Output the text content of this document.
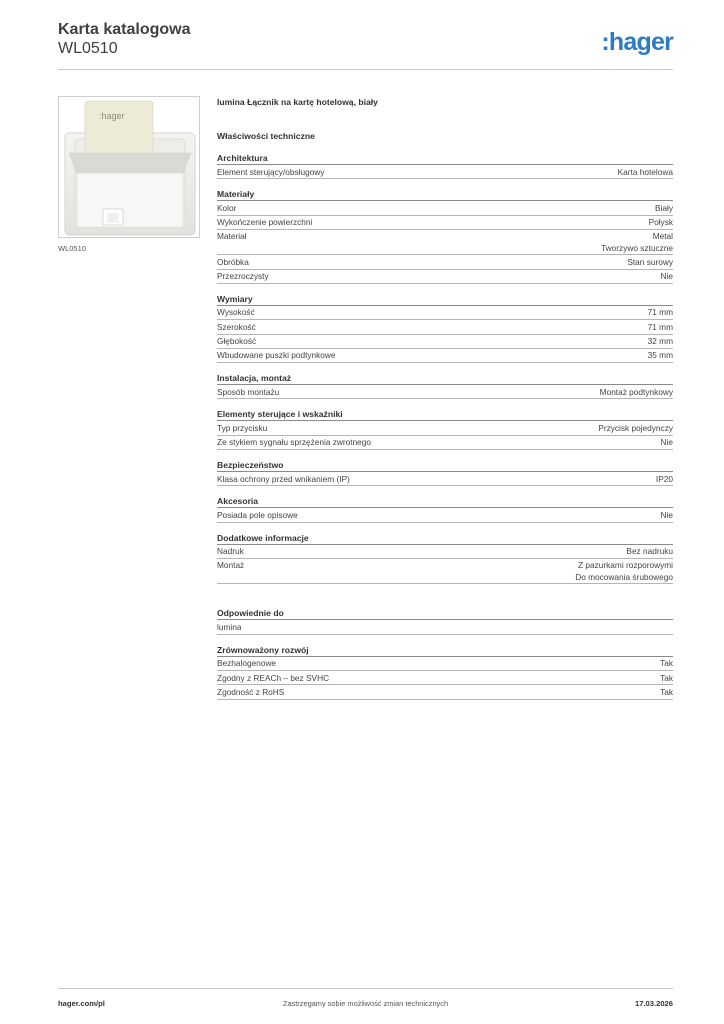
Karta katalogowa
WL0510	:hager
:hager
WL0510
lumina Łącznik na kartę hotelową, biały
Właściwości techniczne
Architektura
Element sterujący/obsługowy	Karta hotelowa
Materiały
Kolor	Biały
Wykończenie powierzchni	Połysk
Materiał	Metal
Tworzywo sztuczne
Obróbka	Stan surowy
Przezroczysty	Nie
Wymiary
Wysokość	71 mm
Szerokość	71 mm
Głębokość	32 mm
Wbudowane puszki podtynkowe	35 mm
Instalacja, montaż
Sposób montażu	Montaż podtynkowy
Elementy sterujące i wskaźniki
Typ przycisku	Przycisk pojedynczy
Ze stykiem sygnału sprzężenia zwrotnego	Nie
Bezpieczeństwo
Klasa ochrony przed wnikaniem (IP)	IP20
Akcesoria
Posiada pole opisowe	Nie
Dodatkowe informacje
Nadruk	Bez nadruku
Montaż	Z pazurkami rozporowymi
Do mocowania śrubowego
Odpowiednie do
lumina
Zrównoważony rozwój
Bezhalogenowe	Tak
Zgodny z REACh – bez SVHC	Tak
Zgodność z RoHS	Tak
hager.com/pl	Zastrzegamy sobie możliwość zmian technicznych	17.03.2026
